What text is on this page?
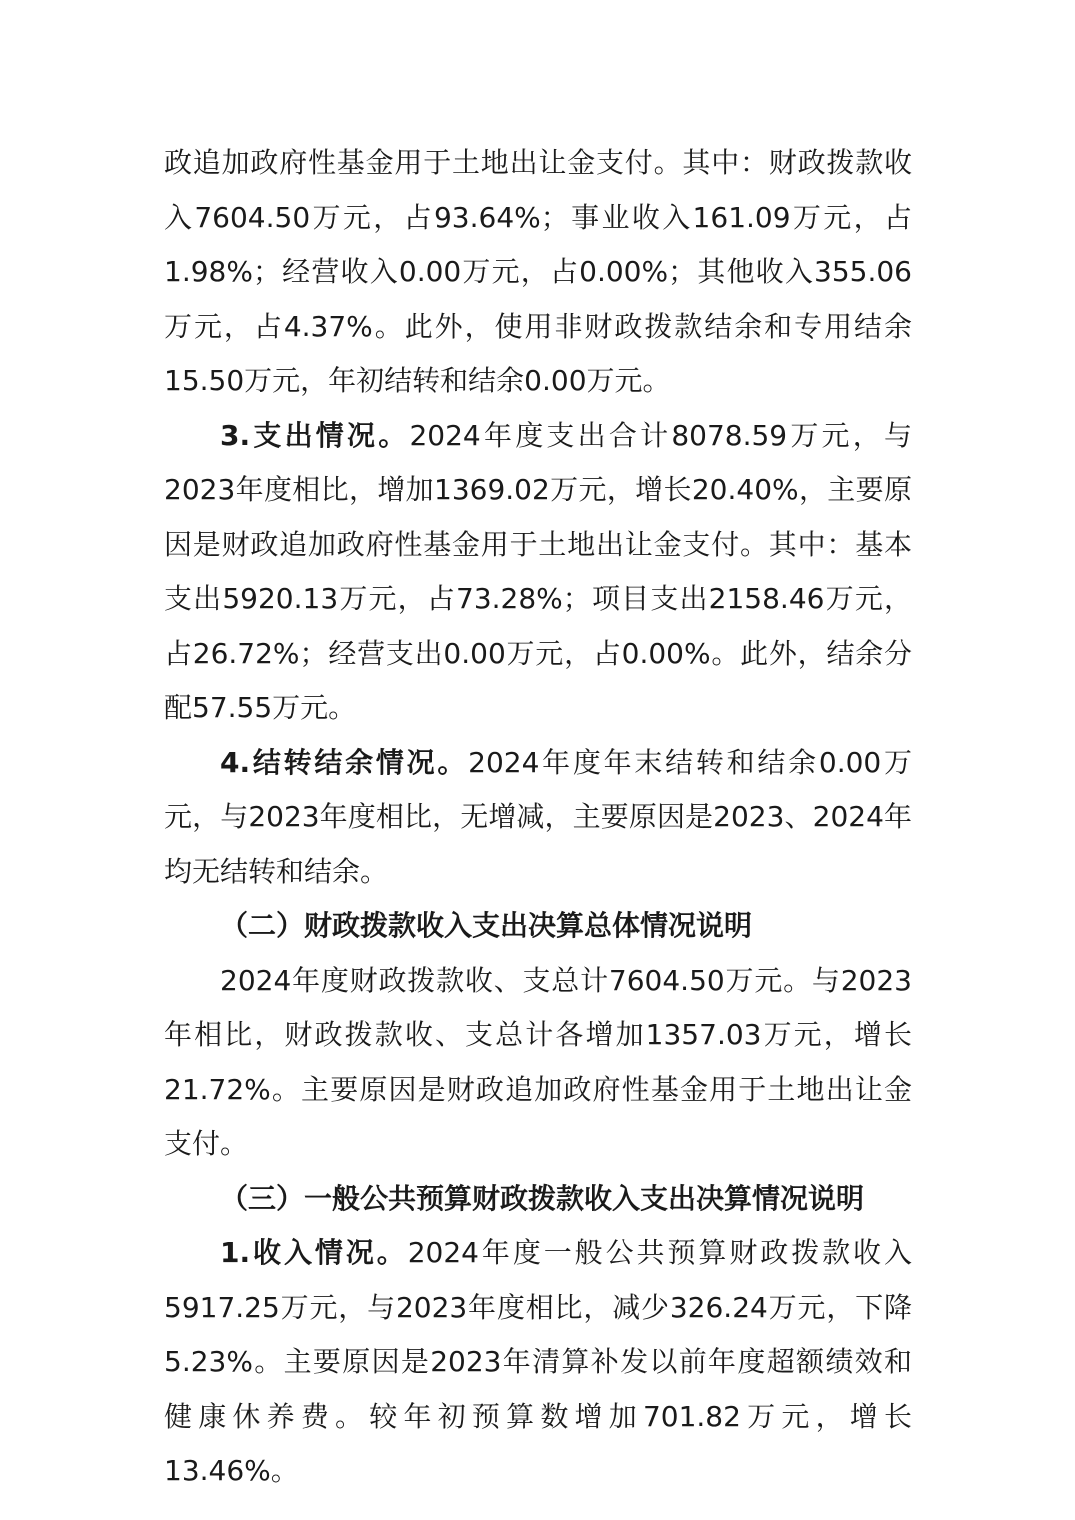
政追加政府性基金用于土地出让金支付。其中：财政拨款收入7604.50万元，占93.64%；事业收入161.09万元，占1.98%；经营收入0.00万元，占0.00%；其他收入355.06万元，占4.37%。此外，使用非财政拨款结余和专用结余15.50万元，年初结转和结余0.00万元。

3.支出情况。2024年度支出合计8078.59万元，与2023年度相比，增加1369.02万元，增长20.40%，主要原因是财政追加政府性基金用于土地出让金支付。其中：基本支出5920.13万元，占73.28%；项目支出2158.46万元，占26.72%；经营支出0.00万元，占0.00%。此外，结余分配57.55万元。

4.结转结余情况。2024年度年末结转和结余0.00万元，与2023年度相比，无增减，主要原因是2023、2024年均无结转和结余。

（二）财政拨款收入支出决算总体情况说明

2024年度财政拨款收、支总计7604.50万元。与2023年相比，财政拨款收、支总计各增加1357.03万元，增长21.72%。主要原因是财政追加政府性基金用于土地出让金支付。

（三）一般公共预算财政拨款收入支出决算情况说明

1.收入情况。2024年度一般公共预算财政拨款收入5917.25万元，与2023年度相比，减少326.24万元，下降5.23%。主要原因是2023年清算补发以前年度超额绩效和健康休养费。较年初预算数增加701.82万元，增长13.46%。
